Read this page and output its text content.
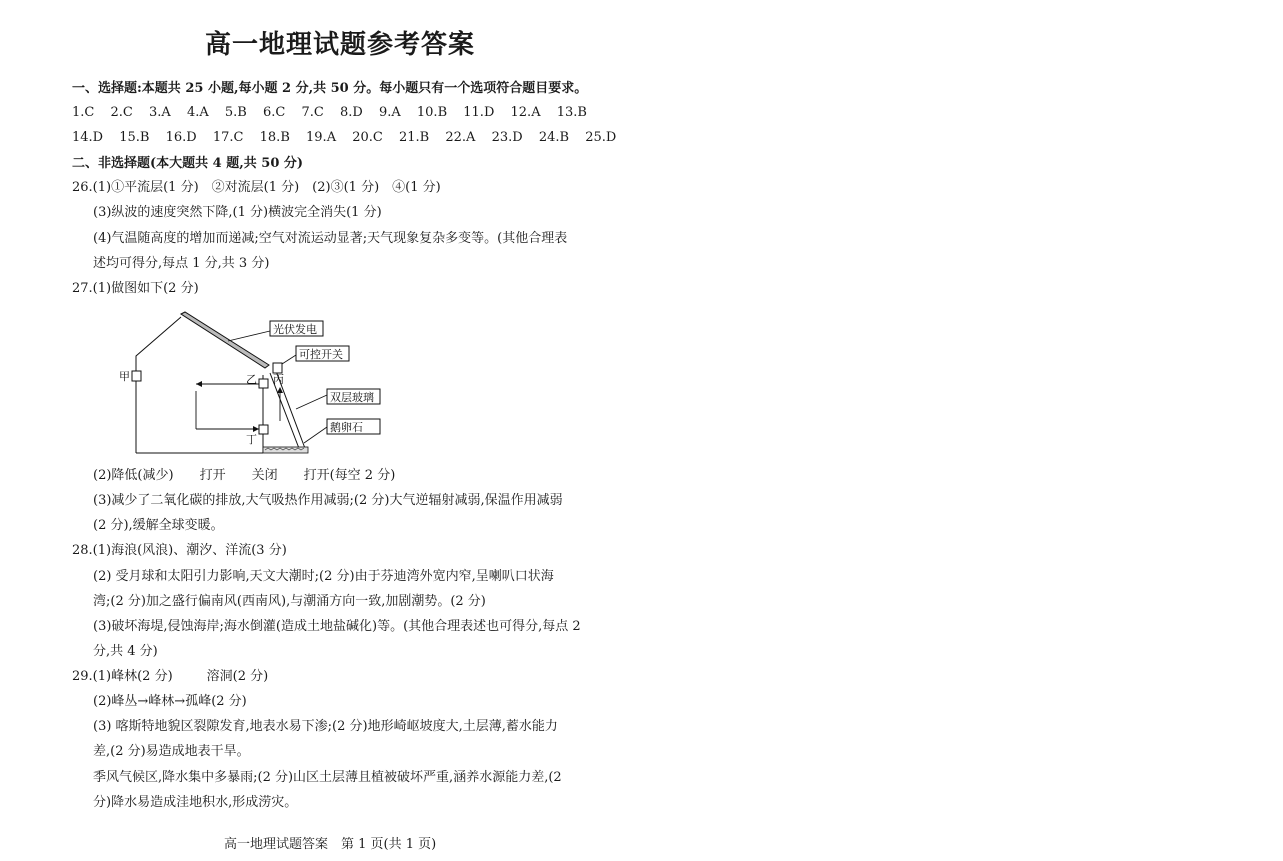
高一地理试题参考答案
一、选择题:本题共 25 小题,每小题 2 分,共 50 分。每小题只有一个选项符合题目要求。
1.C 2.C 3.A 4.A 5.B 6.C 7.C 8.D 9.A 10.B 11.D 12.A 13.B
14.D 15.B 16.D 17.C 18.B 19.A 20.C 21.B 22.A 23.D 24.B 25.D
二、非选择题(本大题共 4 题,共 50 分)
26.(1)①平流层(1 分)　②对流层(1 分)　(2)③(1 分)　④(1 分)
(3)纵波的速度突然下降,(1 分)横波完全消失(1 分)
(4)气温随高度的增加而递减;空气对流运动显著;天气现象复杂多变等。(其他合理表
述均可得分,每点 1 分,共 3 分)
27.(1)做图如下(2 分)
光伏发电
可控开关
双层玻璃
鹅卵石
甲	乙 丙
丁
(2)降低(减少) 打开 关闭 打开(每空 2 分)
(3)减少了二氧化碳的排放,大气吸热作用减弱;(2 分)大气逆辐射减弱,保温作用减弱
(2 分),缓解全球变暖。
28.(1)海浪(风浪)、潮汐、洋流(3 分)
(2) 受月球和太阳引力影响,天文大潮时;(2 分)由于芬迪湾外宽内窄,呈喇叭口状海
湾;(2 分)加之盛行偏南风(西南风),与潮涌方向一致,加剧潮势。(2 分)
(3)破坏海堤,侵蚀海岸;海水倒灌(造成土地盐碱化)等。(其他合理表述也可得分,每点 2
分,共 4 分)
29.(1)峰林(2 分)	溶洞(2 分)
(2)峰丛→峰林→孤峰(2 分)
(3) 喀斯特地貌区裂隙发育,地表水易下渗;(2 分)地形崎岖坡度大,土层薄,蓄水能力
差,(2 分)易造成地表干旱。
季风气候区,降水集中多暴雨;(2 分)山区土层薄且植被破坏严重,涵养水源能力差,(2
分)降水易造成洼地积水,形成涝灾。
高一地理试题答案　第 1 页(共 1 页)
